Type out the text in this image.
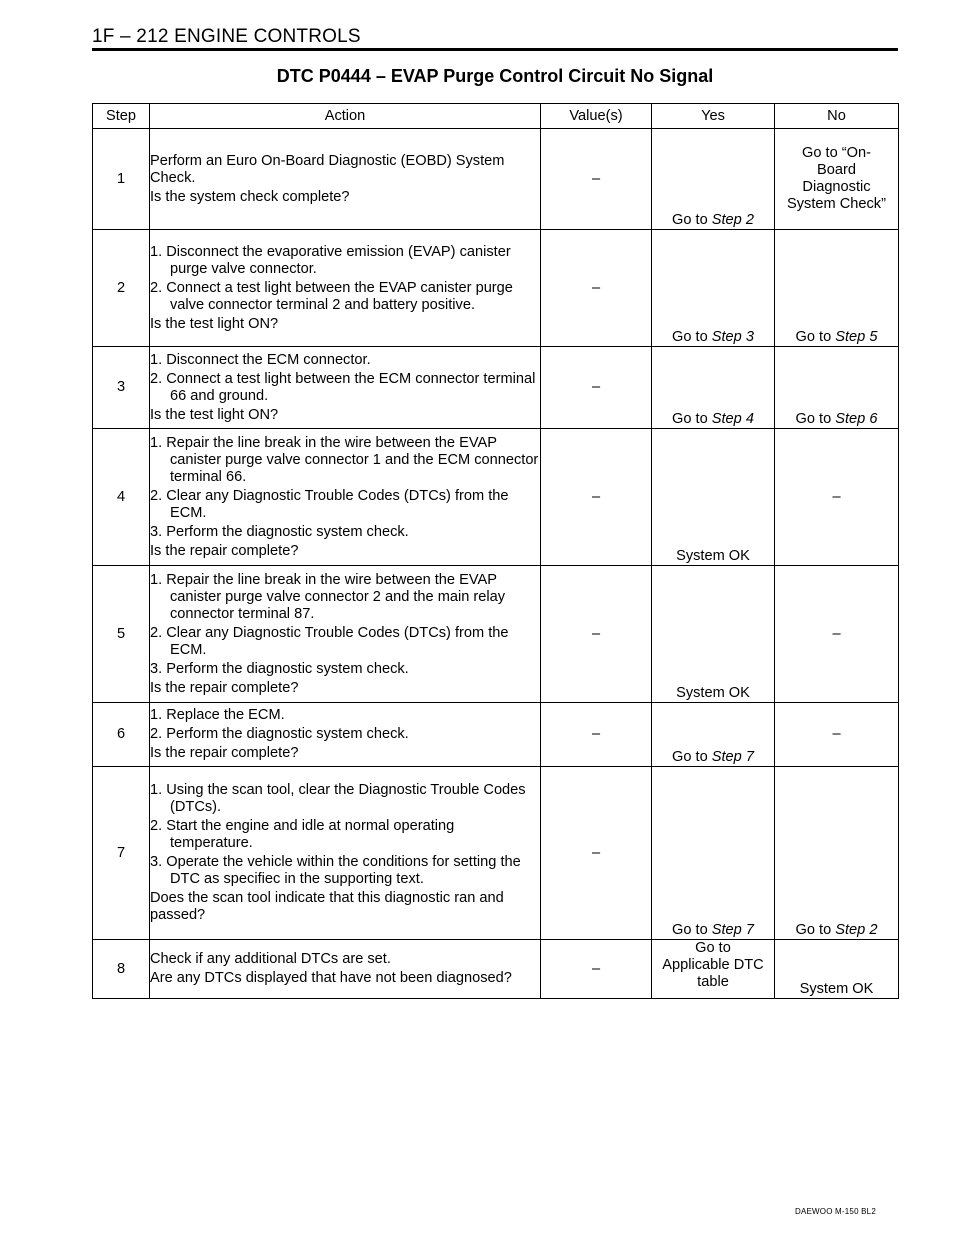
1F – 212 ENGINE CONTROLS
DTC P0444 – EVAP Purge Control Circuit No Signal
Step	Action	Value(s)	Yes	No
1	Perform an Euro On-Board Diagnostic (EOBD) System Check.
Is the system check complete?	–	Go to Step 2	Go to “On-Board Diagnostic System Check”

2	1. Disconnect the evaporative emission (EVAP) canister purge valve connector.
2. Connect a test light between the EVAP canister purge valve connector terminal 2 and battery positive.
Is the test light ON?	–	Go to Step 3	Go to Step 5
3	1. Disconnect the ECM connector.
2. Connect a test light between the ECM connector terminal 66 and ground.
Is the test light ON?	–	Go to Step 4	Go to Step 6
4	1. Repair the line break in the wire between the EVAP canister purge valve connector 1 and the ECM connector terminal 66.
2. Clear any Diagnostic Trouble Codes (DTCs) from the ECM.
3. Perform the diagnostic system check.
Is the repair complete?	–	System OK	–
5	1. Repair the line break in the wire between the EVAP canister purge valve connector 2 and the main relay connector terminal 87.
2. Clear any Diagnostic Trouble Codes (DTCs) from the ECM.
3. Perform the diagnostic system check.
Is the repair complete?	–	System OK	–
6	1. Replace the ECM.
2. Perform the diagnostic system check.
Is the repair complete?	–	Go to Step 7	–
7	1. Using the scan tool, clear the Diagnostic Trouble Codes (DTCs).
2. Start the engine and idle at normal operating temperature.
3. Operate the vehicle within the conditions for setting the DTC as specifiec in the supporting text.
Does the scan tool indicate that this diagnostic ran and passed?	–	Go to Step 7	Go to Step 2
8	Check if any additional DTCs are set.
Are any DTCs displayed that have not been diagnosed?	–	Go to Applicable DTC table	System OK
DAEWOO M-150 BL2
